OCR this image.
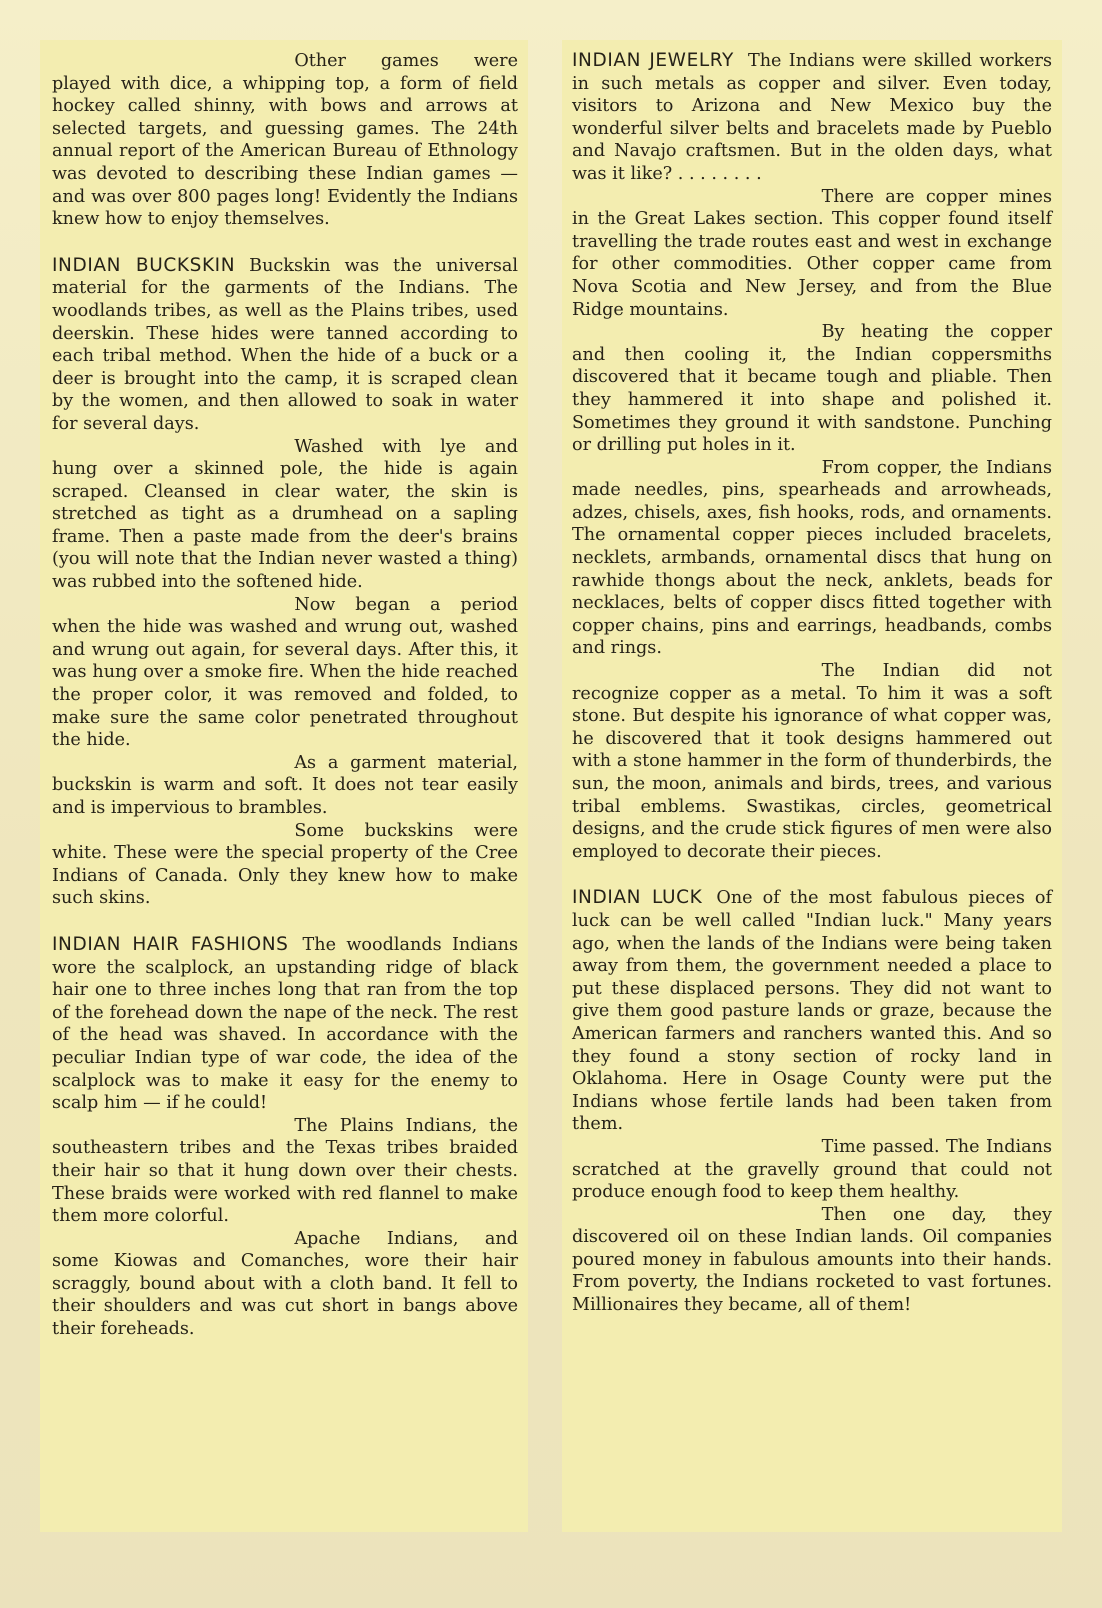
Other games were played with dice, a whipping top, a form of field hockey called shinny, with bows and arrows at selected targets, and guessing games. The 24th annual report of the American Bureau of Ethnology was devoted to describing these Indian games — and was over 800 pages long! Evidently the Indians knew how to enjoy themselves.

INDIAN BUCKSKIN Buckskin was the universal material for the garments of the Indians. The woodlands tribes, as well as the Plains tribes, used deerskin. These hides were tanned according to each tribal method. When the hide of a buck or a deer is brought into the camp, it is scraped clean by the women, and then allowed to soak in water for several days.

Washed with lye and hung over a skinned pole, the hide is again scraped. Cleansed in clear water, the skin is stretched as tight as a drumhead on a sapling frame. Then a paste made from the deer's brains (you will note that the Indian never wasted a thing) was rubbed into the softened hide.

Now began a period when the hide was washed and wrung out, washed and wrung out again, for several days. After this, it was hung over a smoke fire. When the hide reached the proper color, it was removed and folded, to make sure the same color penetrated throughout the hide.

As a garment material, buckskin is warm and soft. It does not tear easily and is impervious to brambles.

Some buckskins were white. These were the special property of the Cree Indians of Canada. Only they knew how to make such skins.

INDIAN HAIR FASHIONS The woodlands Indians wore the scalplock, an upstanding ridge of black hair one to three inches long that ran from the top of the forehead down the nape of the neck. The rest of the head was shaved. In accordance with the peculiar Indian type of war code, the idea of the scalplock was to make it easy for the enemy to scalp him — if he could!

The Plains Indians, the southeastern tribes and the Texas tribes braided their hair so that it hung down over their chests. These braids were worked with red flannel to make them more colorful.

Apache Indians, and some Kiowas and Comanches, wore their hair scraggly, bound about with a cloth band. It fell to their shoulders and was cut short in bangs above their foreheads.

INDIAN JEWELRY The Indians were skilled workers in such metals as copper and silver. Even today, visitors to Arizona and New Mexico buy the wonderful silver belts and bracelets made by Pueblo and Navajo craftsmen. But in the olden days, what was it like? . . . . . . . .

There are copper mines in the Great Lakes section. This copper found itself travelling the trade routes east and west in exchange for other commodities. Other copper came from Nova Scotia and New Jersey, and from the Blue Ridge mountains.

By heating the copper and then cooling it, the Indian coppersmiths discovered that it became tough and pliable. Then they hammered it into shape and polished it. Sometimes they ground it with sandstone. Punching or drilling put holes in it.

From copper, the Indians made needles, pins, spearheads and arrowheads, adzes, chisels, axes, fish hooks, rods, and ornaments. The ornamental copper pieces included bracelets, necklets, armbands, ornamental discs that hung on rawhide thongs about the neck, anklets, beads for necklaces, belts of copper discs fitted together with copper chains, pins and earrings, headbands, combs and rings.

The Indian did not recognize copper as a metal. To him it was a soft stone. But despite his ignorance of what copper was, he discovered that it took designs hammered out with a stone hammer in the form of thunderbirds, the sun, the moon, animals and birds, trees, and various tribal emblems. Swastikas, circles, geometrical designs, and the crude stick figures of men were also employed to decorate their pieces.

INDIAN LUCK One of the most fabulous pieces of luck can be well called "Indian luck." Many years ago, when the lands of the Indians were being taken away from them, the government needed a place to put these displaced persons. They did not want to give them good pasture lands or graze, because the American farmers and ranchers wanted this. And so they found a stony section of rocky land in Oklahoma. Here in Osage County were put the Indians whose fertile lands had been taken from them.

Time passed. The Indians scratched at the gravelly ground that could not produce enough food to keep them healthy.

Then one day, they discovered oil on these Indian lands. Oil companies poured money in fabulous amounts into their hands. From poverty, the Indians rocketed to vast fortunes. Millionaires they became, all of them!
